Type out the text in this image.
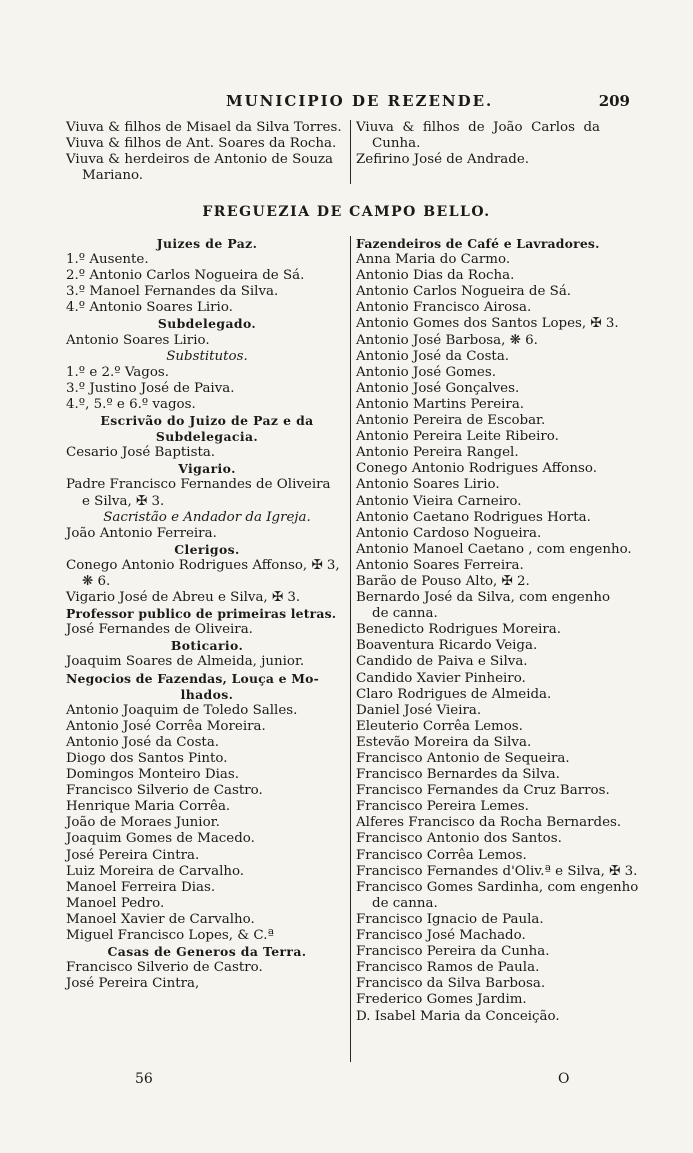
MUNICIPIO DE REZENDE.	209
Viuva & filhos de Misael da Silva Torres.
Viuva & filhos de Ant. Soares da Rocha.
Viuva & herdeiros de Antonio de Souza
Mariano.
Viuva  &  filhos  de  João  Carlos  da
Cunha.
Zefirino José de Andrade.
FREGUEZIA DE CAMPO BELLO.
Juizes de Paz.
1.º Ausente.
2.º Antonio Carlos Nogueira de Sá.
3.º Manoel Fernandes da Silva.
4.º Antonio Soares Lirio.
Subdelegado.
Antonio Soares Lirio.
Substitutos.
1.º e 2.º Vagos.
3.º Justino José de Paiva.
4.º, 5.º e 6.º vagos.
Escrivão do Juizo de Paz e da
Subdelegacia.
Cesario José Baptista.
Vigario.
Padre Francisco Fernandes de Oliveira
e Silva, ✠ 3.
Sacristão e Andador da Igreja.
João Antonio Ferreira.
Clerigos.
Conego Antonio Rodrigues Affonso, ✠ 3,
❋ 6.
Vigario José de Abreu e Silva, ✠ 3.
Professor publico de primeiras letras.
José Fernandes de Oliveira.
Boticario.
Joaquim Soares de Almeida, junior.
Negocios de Fazendas, Louça e Mo-
lhados.
Antonio Joaquim de Toledo Salles.
Antonio José Corrêa Moreira.
Antonio José da Costa.
Diogo dos Santos Pinto.
Domingos Monteiro Dias.
Francisco Silverio de Castro.
Henrique Maria Corrêa.
João de Moraes Junior.
Joaquim Gomes de Macedo.
José Pereira Cintra.
Luiz Moreira de Carvalho.
Manoel Ferreira Dias.
Manoel Pedro.
Manoel Xavier de Carvalho.
Miguel Francisco Lopes, & C.ª
Casas de Generos da Terra.
Francisco Silverio de Castro.
José Pereira Cintra,
Fazendeiros de Café e Lavradores.
Anna Maria do Carmo.
Antonio Dias da Rocha.
Antonio Carlos Nogueira de Sá.
Antonio Francisco Airosa.
Antonio Gomes dos Santos Lopes, ✠ 3.
Antonio José Barbosa, ❋ 6.
Antonio José da Costa.
Antonio José Gomes.
Antonio José Gonçalves.
Antonio Martins Pereira.
Antonio Pereira de Escobar.
Antonio Pereira Leite Ribeiro.
Antonio Pereira Rangel.
Conego Antonio Rodrigues Affonso.
Antonio Soares Lirio.
Antonio Vieira Carneiro.
Antonio Caetano Rodrigues Horta.
Antonio Cardoso Nogueira.
Antonio Manoel Caetano , com engenho.
Antonio Soares Ferreira.
Barão de Pouso Alto, ✠ 2.
Bernardo José da Silva, com engenho
de canna.
Benedicto Rodrigues Moreira.
Boaventura Ricardo Veiga.
Candido de Paiva e Silva.
Candido Xavier Pinheiro.
Claro Rodrigues de Almeida.
Daniel José Vieira.
Eleuterio Corrêa Lemos.
Estevão Moreira da Silva.
Francisco Antonio de Sequeira.
Francisco Bernardes da Silva.
Francisco Fernandes da Cruz Barros.
Francisco Pereira Lemes.
Alferes Francisco da Rocha Bernardes.
Francisco Antonio dos Santos.
Francisco Corrêa Lemos.
Francisco Fernandes d'Oliv.ª e Silva, ✠ 3.
Francisco Gomes Sardinha, com engenho
de canna.
Francisco Ignacio de Paula.
Francisco José Machado.
Francisco Pereira da Cunha.
Francisco Ramos de Paula.
Francisco da Silva Barbosa.
Frederico Gomes Jardim.
D. Isabel Maria da Conceição.
56	O
